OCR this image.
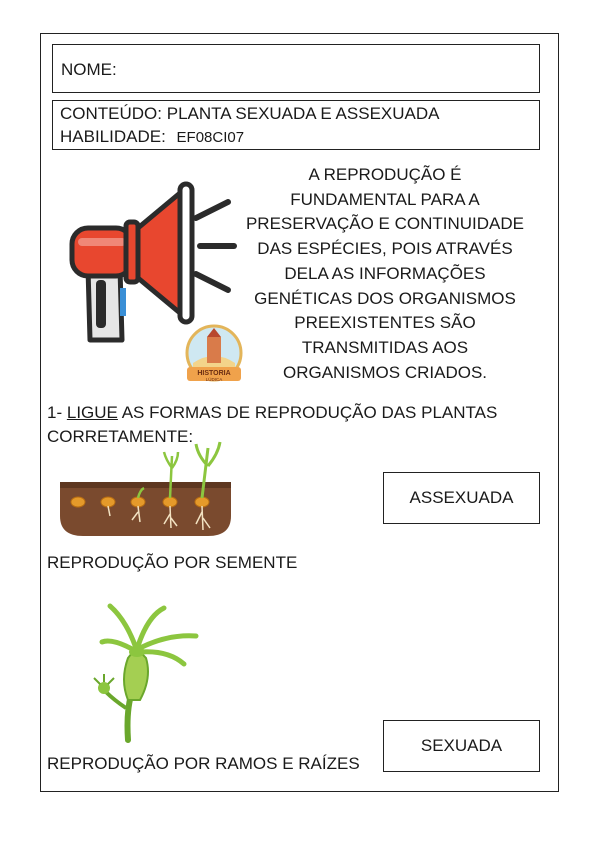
NOME:
CONTEÚDO: PLANTA SEXUADA E ASSEXUADA
HABILIDADE: EF08CI07
HISTORIA
LÚDICA
A REPRODUÇÃO É
FUNDAMENTAL PARA A
PRESERVAÇÃO E CONTINUIDADE
DAS ESPÉCIES, POIS ATRAVÉS
DELA AS INFORMAÇÕES
GENÉTICAS DOS ORGANISMOS
PREEXISTENTES SÃO
TRANSMITIDAS AOS
ORGANISMOS CRIADOS.
1- LIGUE AS FORMAS DE REPRODUÇÃO DAS PLANTAS
CORRETAMENTE:
ASSEXUADA
REPRODUÇÃO POR SEMENTE
SEXUADA
REPRODUÇÃO POR RAMOS E RAÍZES
